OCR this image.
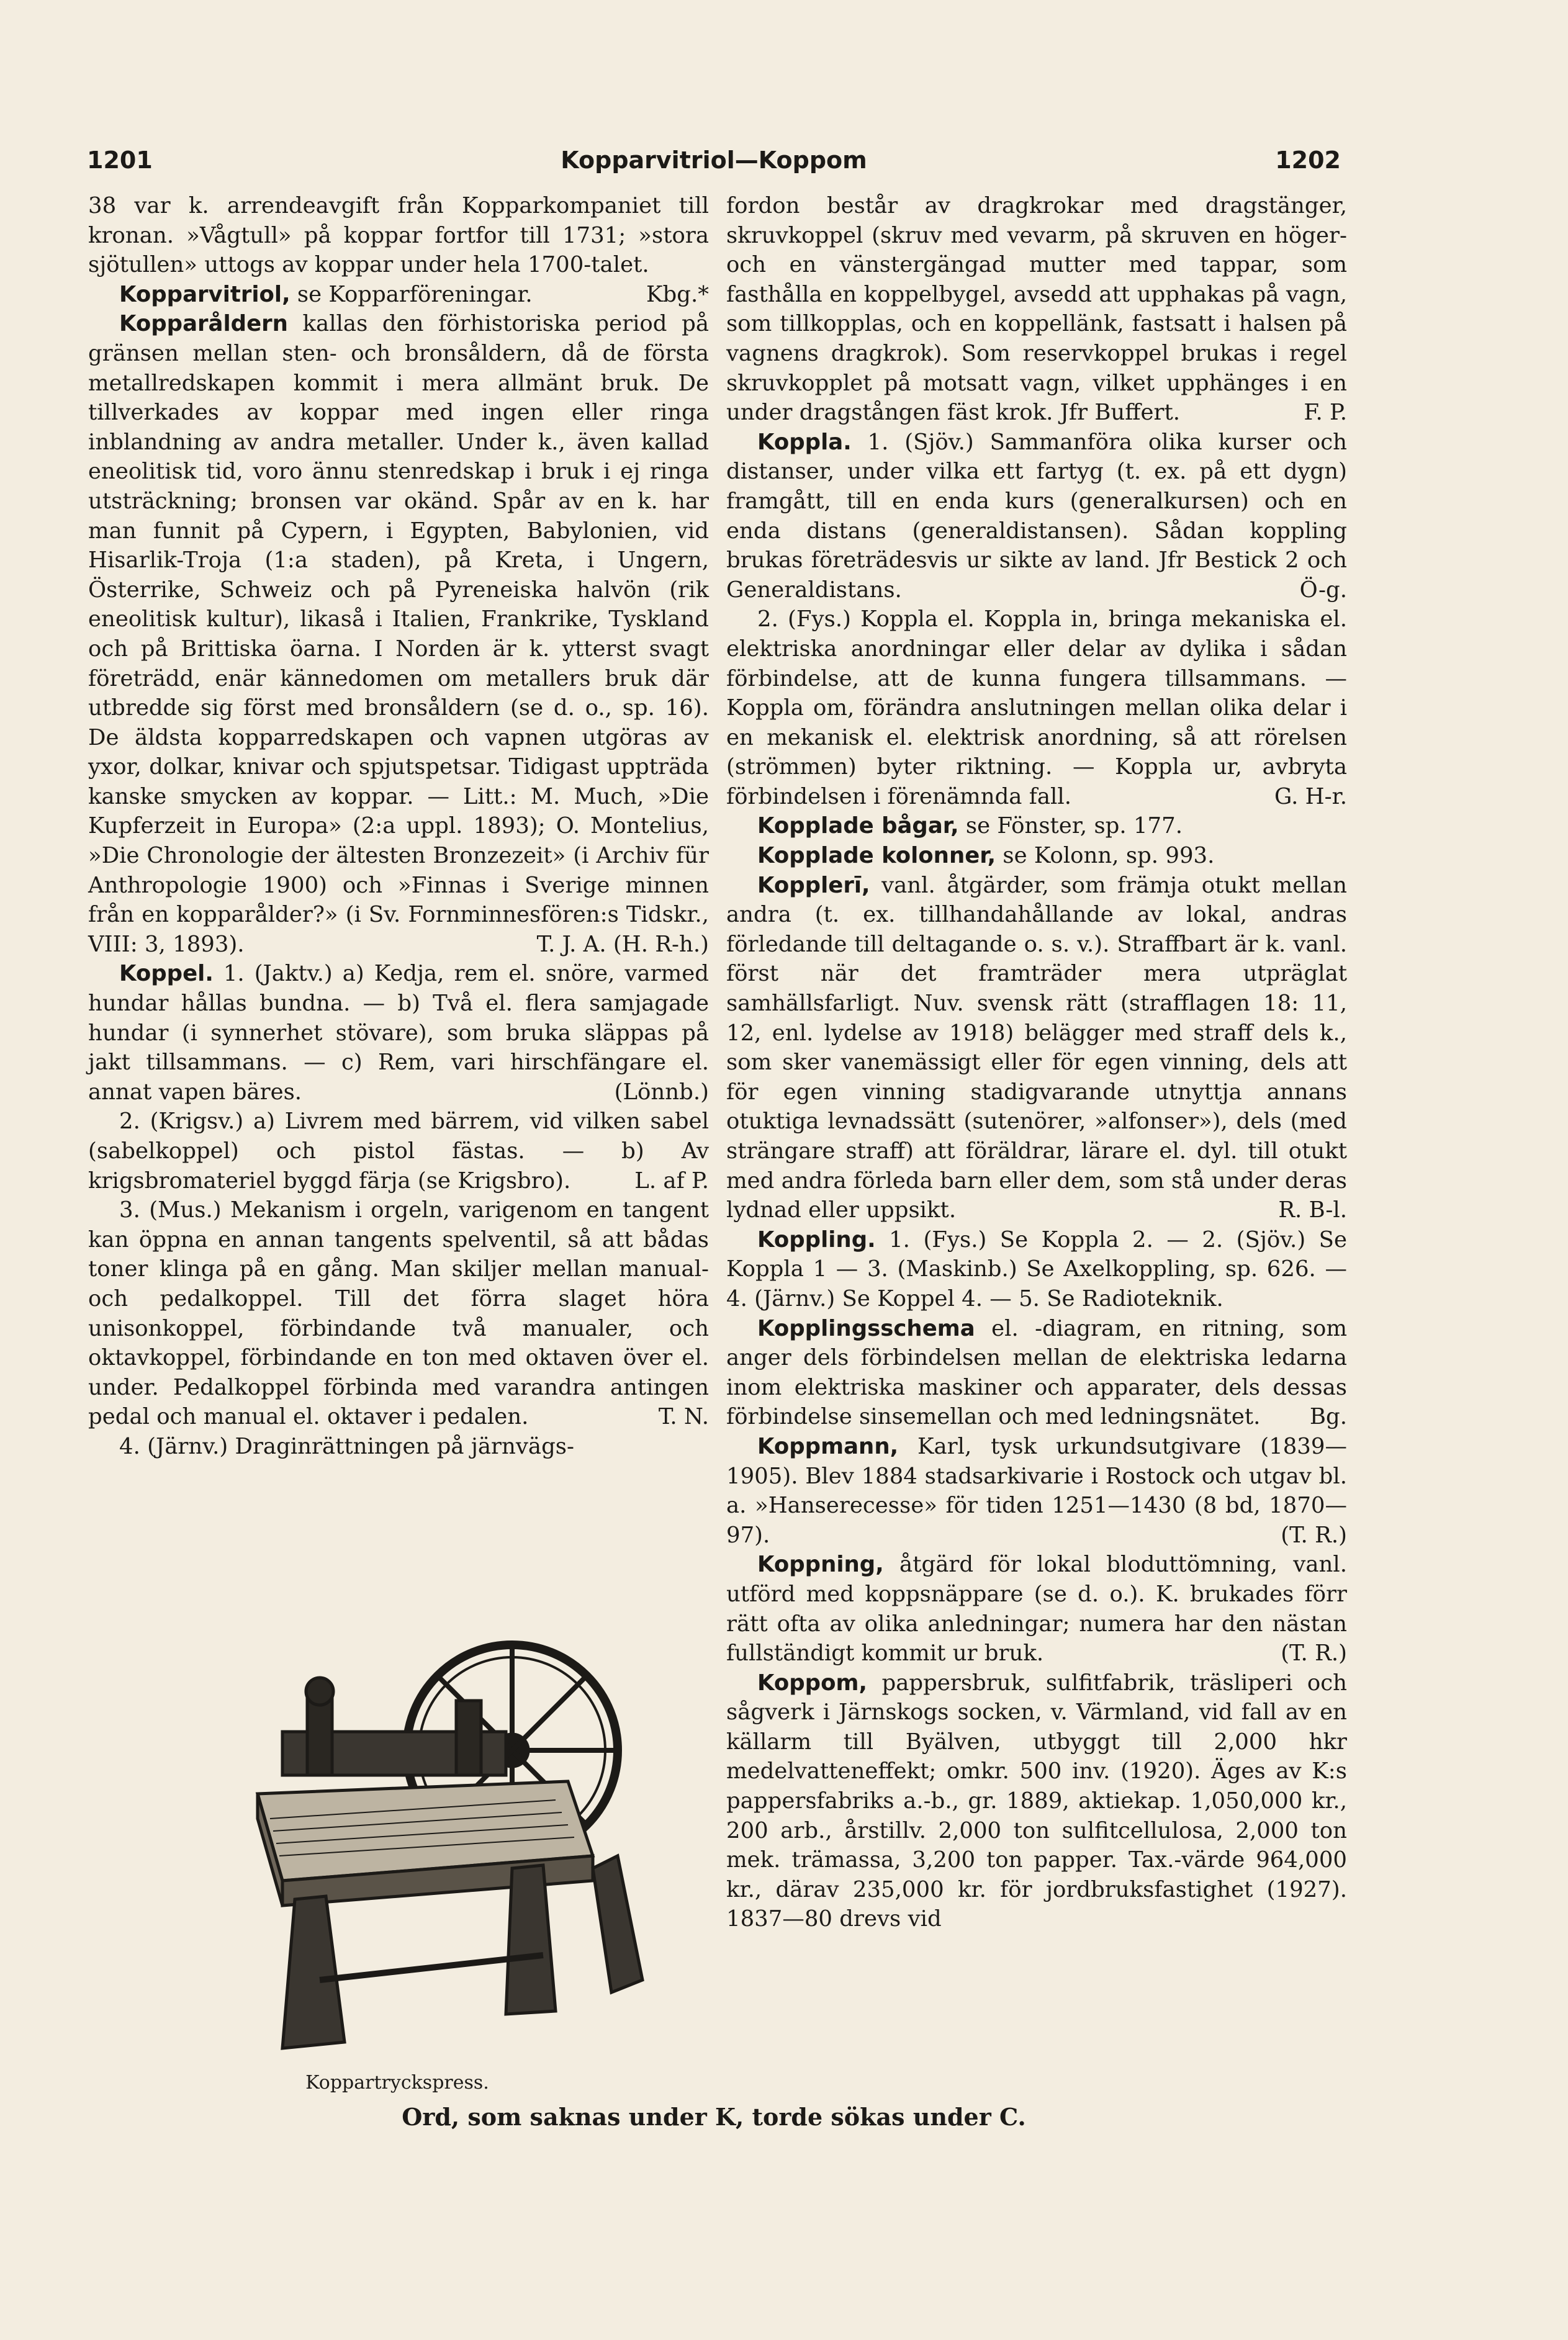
1201	Kopparvitriol—Koppom	1202

38 var k. arrendeavgift från Kopparkompaniet till kronan. »Vågtull» på koppar fortfor till 1731; »stora sjötullen» uttogs av koppar under hela 1700-talet.
Kbg.*

Kopparvitriol, se Kopparföreningar.

Kopparåldern kallas den förhistoriska period på gränsen mellan sten- och bronsåldern, då de första metallredskapen kommit i mera allmänt bruk. De tillverkades av koppar med ingen eller ringa inblandning av andra metaller. Under k., även kallad eneolitisk tid, voro ännu stenredskap i bruk i ej ringa utsträckning; bronsen var okänd. Spår av en k. har man funnit på Cypern, i Egypten, Babylonien, vid Hisarlik-Troja (1:a staden), på Kreta, i Ungern, Österrike, Schweiz och på Pyreneiska halvön (rik eneolitisk kultur), likaså i Italien, Frankrike, Tyskland och på Brittiska öarna. I Norden är k. ytterst svagt företrädd, enär kännedomen om metallers bruk där utbredde sig först med bronsåldern (se d. o., sp. 16). De äldsta kopparredskapen och vapnen utgöras av yxor, dolkar, knivar och spjutspetsar. Tidigast uppträda kanske smycken av koppar. — Litt.: M. Much, »Die Kupferzeit in Europa» (2:a uppl. 1893); O. Montelius, »Die Chronologie der ältesten Bronzezeit» (i Archiv für Anthropologie 1900) och »Finnas i Sverige minnen från en kopparålder?» (i Sv. Fornminnesfören:s Tidskr., VIII: 3, 1893).	T. J. A. (H. R-h.)

Koppel. 1. (Jaktv.) a) Kedja, rem el. snöre, varmed hundar hållas bundna. — b) Två el. flera samjagade hundar (i synnerhet stövare), som bruka släppas på jakt tillsammans. — c) Rem, vari hirschfängare el. annat vapen bäres.	(Lönnb.)

2. (Krigsv.) a) Livrem med bärrem, vid vilken sabel (sabelkoppel) och pistol fästas. — b) Av krigsbromateriel byggd färja (se Krigsbro).	L. af P.

3. (Mus.) Mekanism i orgeln, varigenom en tangent kan öppna en annan tangents spelventil, så att bådas toner klinga på en gång. Man skiljer mellan manual- och pedalkoppel. Till det förra slaget höra unisonkoppel, förbindande två manualer, och oktavkoppel, förbindande en ton med oktaven över el. under. Pedalkoppel förbinda med varandra antingen pedal och manual el. oktaver i pedalen.	T. N.

4. (Järnv.) Draginrättningen på järnvägs-

Koppartryckspress.

fordon består av dragkrokar med dragstänger, skruvkoppel (skruv med vevarm, på skruven en höger- och en vänstergängad mutter med tappar, som fasthålla en koppelbygel, avsedd att upphakas på vagn, som tillkopplas, och en koppellänk, fastsatt i halsen på vagnens dragkrok). Som reservkoppel brukas i regel skruvkopplet på motsatt vagn, vilket upphänges i en under dragstången fäst krok. Jfr Buffert.	F. P.

Koppla. 1. (Sjöv.) Sammanföra olika kurser och distanser, under vilka ett fartyg (t. ex. på ett dygn) framgått, till en enda kurs (generalkursen) och en enda distans (generaldistansen). Sådan koppling brukas företrädesvis ur sikte av land. Jfr Bestick 2 och Generaldistans.	Ö-g.

2. (Fys.) Koppla el. Koppla in, bringa mekaniska el. elektriska anordningar eller delar av dylika i sådan förbindelse, att de kunna fungera tillsammans. — Koppla om, förändra anslutningen mellan olika delar i en mekanisk el. elektrisk anordning, så att rörelsen (strömmen) byter riktning. — Koppla ur, avbryta förbindelsen i förenämnda fall.	G. H-r.

Kopplade bågar, se Fönster, sp. 177.

Kopplade kolonner, se Kolonn, sp. 993.

Kopplerī, vanl. åtgärder, som främja otukt mellan andra (t. ex. tillhandahållande av lokal, andras förledande till deltagande o. s. v.). Straffbart är k. vanl. först när det framträder mera utpräglat samhällsfarligt. Nuv. svensk rätt (strafflagen 18: 11, 12, enl. lydelse av 1918) belägger med straff dels k., som sker vanemässigt eller för egen vinning, dels att för egen vinning stadigvarande utnyttja annans otuktiga levnadssätt (sutenörer, »alfonser»), dels (med strängare straff) att föräldrar, lärare el. dyl. till otukt med andra förleda barn eller dem, som stå under deras lydnad eller uppsikt.	R. B-l.

Koppling. 1. (Fys.) Se Koppla 2. — 2. (Sjöv.) Se Koppla 1 — 3. (Maskinb.) Se Axelkoppling, sp. 626. — 4. (Järnv.) Se Koppel 4. — 5. Se Radioteknik.

Kopplingsschema el. -diagram, en ritning, som anger dels förbindelsen mellan de elektriska ledarna inom elektriska maskiner och apparater, dels dessas förbindelse sinsemellan och med ledningsnätet.	Bg.

Koppmann, Karl, tysk urkundsutgivare (1839—1905). Blev 1884 stadsarkivarie i Rostock och utgav bl. a. »Hanserecesse» för tiden 1251—1430 (8 bd, 1870—97).	(T. R.)

Koppning, åtgärd för lokal bloduttömning, vanl. utförd med koppsnäppare (se d. o.). K. brukades förr rätt ofta av olika anledningar; numera har den nästan fullständigt kommit ur bruk.	(T. R.)

Koppom, pappersbruk, sulfitfabrik, träsliperi och sågverk i Järnskogs socken, v. Värmland, vid fall av en källarm till Byälven, utbyggt till 2,000 hkr medelvatteneffekt; omkr. 500 inv. (1920). Äges av K:s pappersfabriks a.-b., gr. 1889, aktiekap. 1,050,000 kr., 200 arb., årstillv. 2,000 ton sulfitcellulosa, 2,000 ton mek. trämassa, 3,200 ton papper. Tax.-värde 964,000 kr., därav 235,000 kr. för jordbruksfastighet (1927). 1837—80 drevs vid

Ord, som saknas under K, torde sökas under C.
